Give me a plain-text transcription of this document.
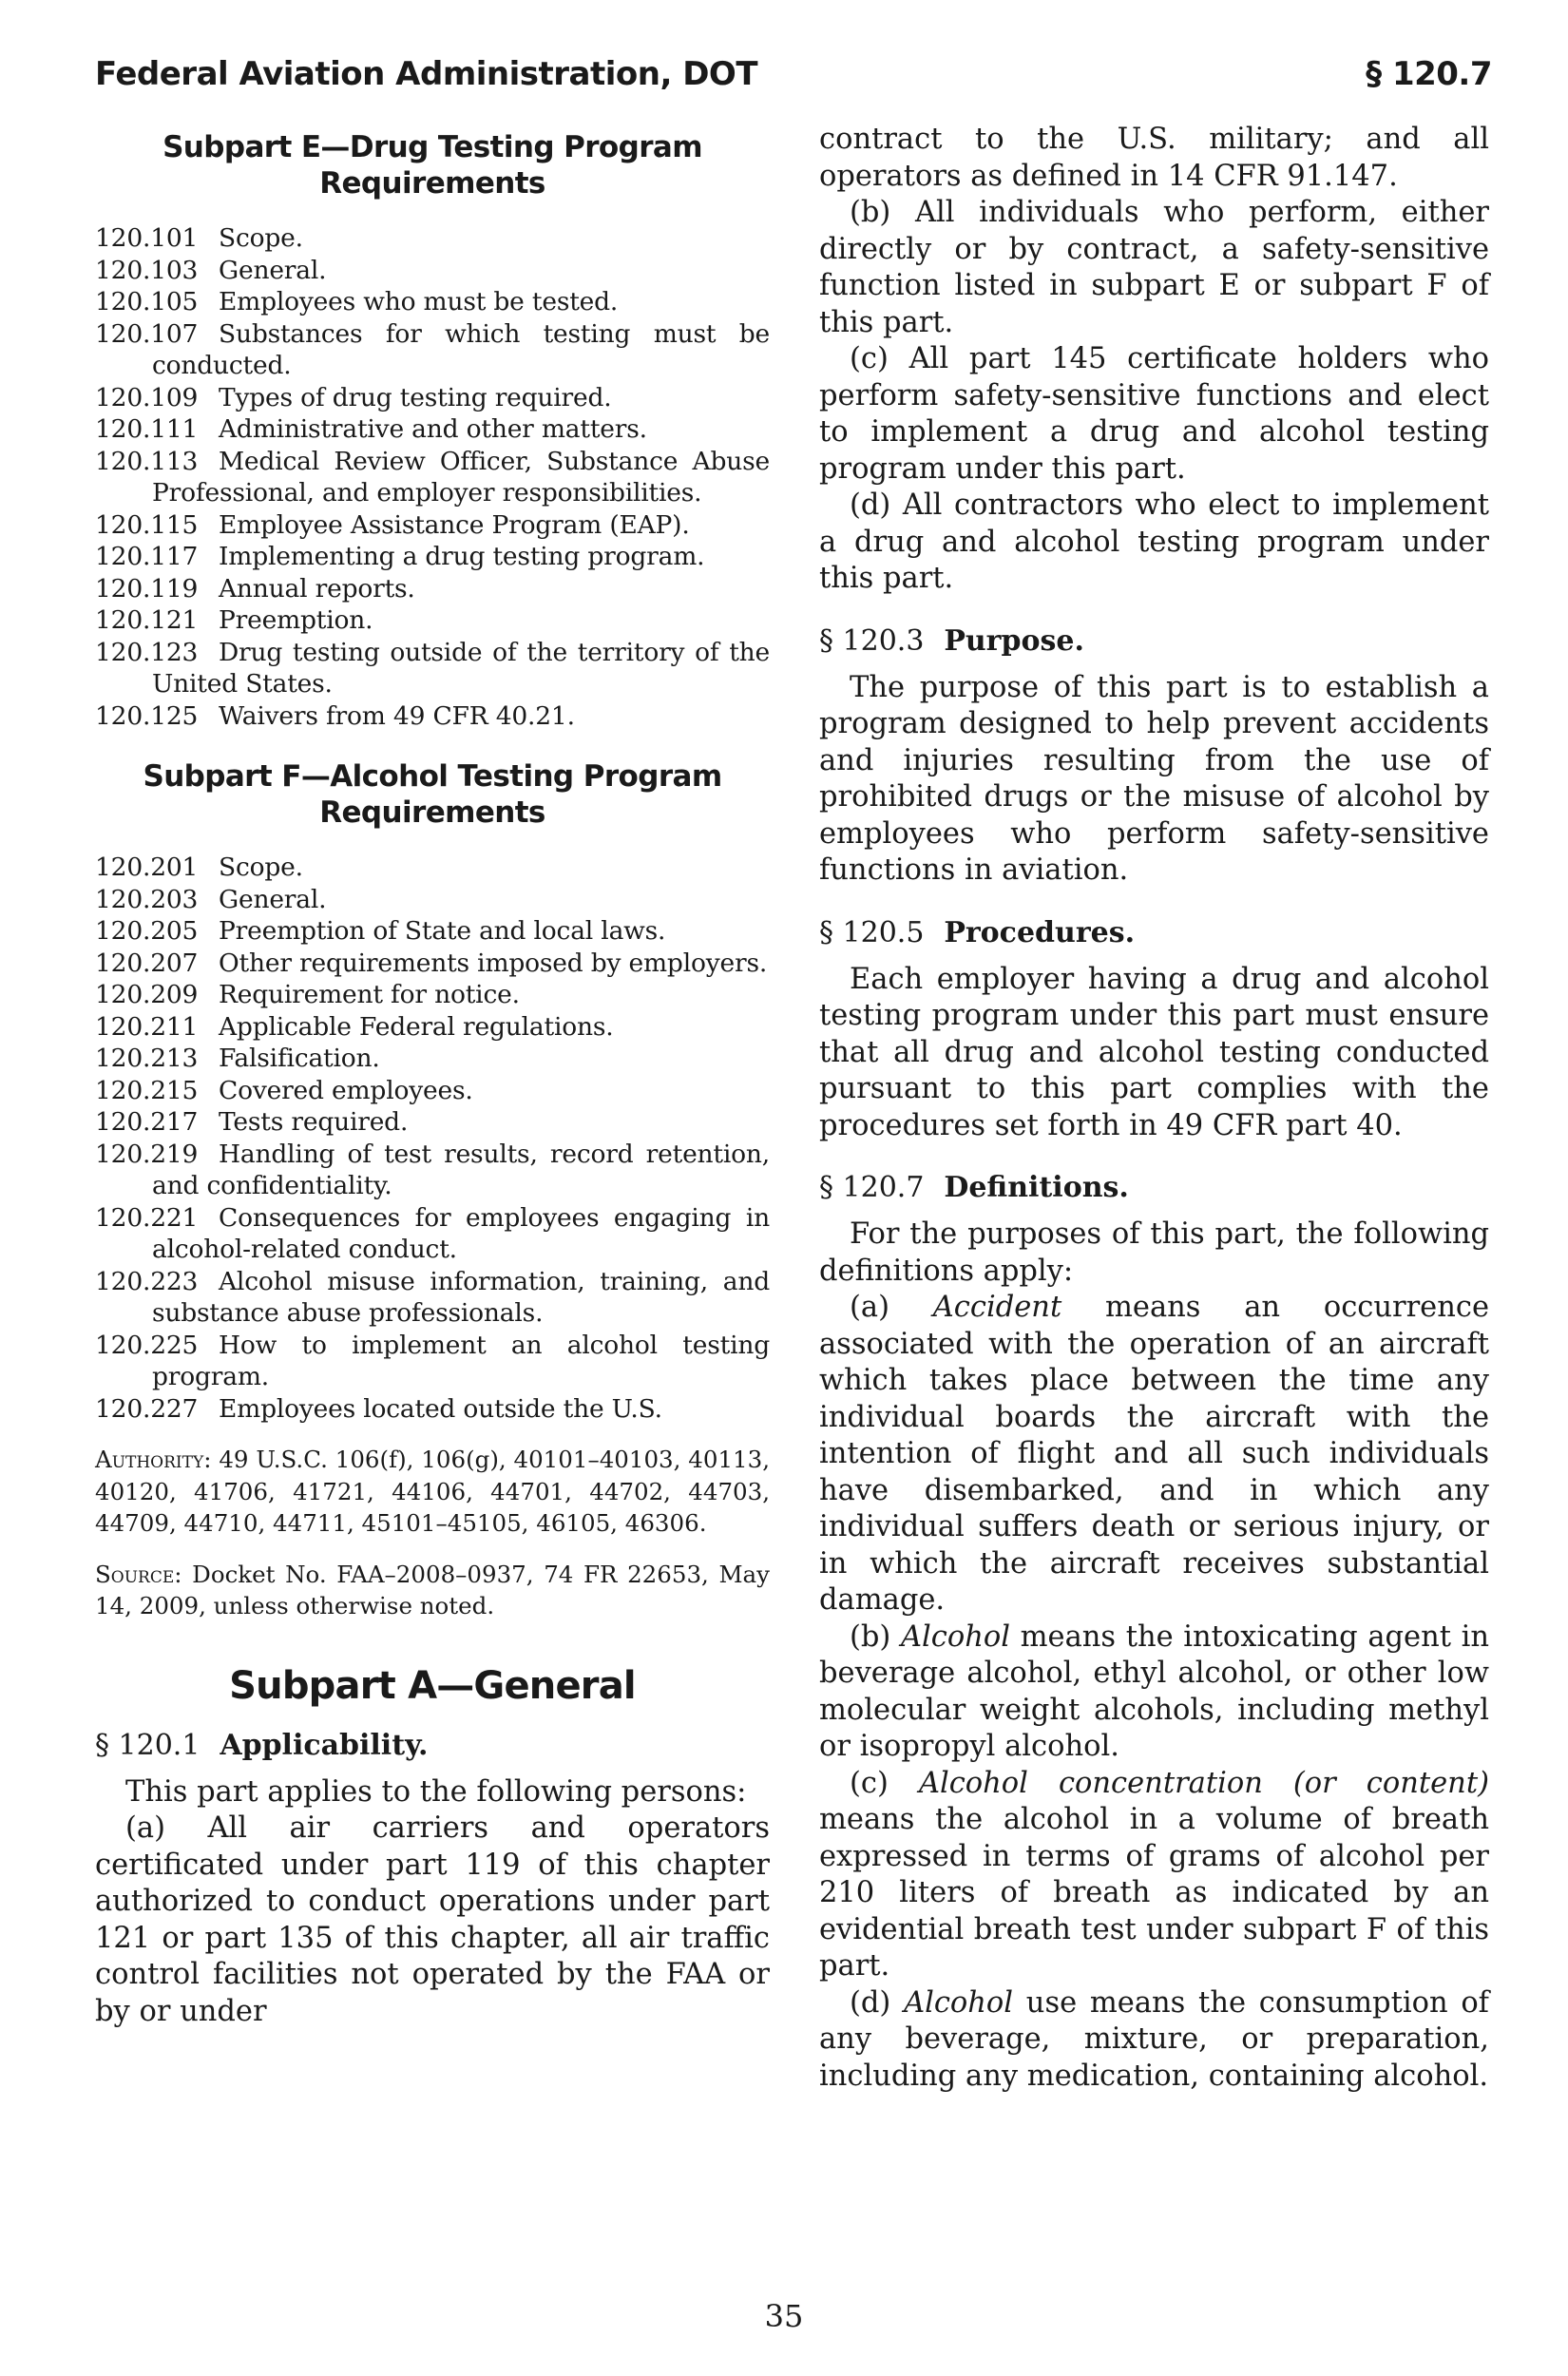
Federal Aviation Administration, DOT	§ 120.7
Subpart E—Drug Testing Program
Requirements
120.101 Scope.
120.103 General.
120.105 Employees who must be tested.
120.107 Substances for which testing must be conducted.
120.109 Types of drug testing required.
120.111 Administrative and other matters.
120.113 Medical Review Officer, Substance Abuse Professional, and employer responsibilities.
120.115 Employee Assistance Program (EAP).
120.117 Implementing a drug testing program.
120.119 Annual reports.
120.121 Preemption.
120.123 Drug testing outside of the territory of the United States.
120.125 Waivers from 49 CFR 40.21.
Subpart F—Alcohol Testing Program
Requirements
120.201 Scope.
120.203 General.
120.205 Preemption of State and local laws.
120.207 Other requirements imposed by employers.
120.209 Requirement for notice.
120.211 Applicable Federal regulations.
120.213 Falsification.
120.215 Covered employees.
120.217 Tests required.
120.219 Handling of test results, record retention, and confidentiality.
120.221 Consequences for employees engaging in alcohol-related conduct.
120.223 Alcohol misuse information, training, and substance abuse professionals.
120.225 How to implement an alcohol testing program.
120.227 Employees located outside the U.S.
Authority: 49 U.S.C. 106(f), 106(g), 40101–40103, 40113, 40120, 41706, 41721, 44106, 44701, 44702, 44703, 44709, 44710, 44711, 45101–45105, 46105, 46306.
Source: Docket No. FAA–2008–0937, 74 FR 22653, May 14, 2009, unless otherwise noted.
Subpart A—General
§ 120.1 Applicability.

This part applies to the following persons:

(a) All air carriers and operators certificated under part 119 of this chapter authorized to conduct operations under part 121 or part 135 of this chapter, all air traffic control facilities not operated by the FAA or by or under

contract to the U.S. military; and all operators as defined in 14 CFR 91.147.

(b) All individuals who perform, either directly or by contract, a safety-sensitive function listed in subpart E or subpart F of this part.

(c) All part 145 certificate holders who perform safety-sensitive functions and elect to implement a drug and alcohol testing program under this part.

(d) All contractors who elect to implement a drug and alcohol testing program under this part.

§ 120.3 Purpose.

The purpose of this part is to establish a program designed to help prevent accidents and injuries resulting from the use of prohibited drugs or the misuse of alcohol by employees who perform safety-sensitive functions in aviation.

§ 120.5 Procedures.

Each employer having a drug and alcohol testing program under this part must ensure that all drug and alcohol testing conducted pursuant to this part complies with the procedures set forth in 49 CFR part 40.

§ 120.7 Definitions.

For the purposes of this part, the following definitions apply:

(a) Accident means an occurrence associated with the operation of an aircraft which takes place between the time any individual boards the aircraft with the intention of flight and all such individuals have disembarked, and in which any individual suffers death or serious injury, or in which the aircraft receives substantial damage.

(b) Alcohol means the intoxicating agent in beverage alcohol, ethyl alcohol, or other low molecular weight alcohols, including methyl or isopropyl alcohol.

(c) Alcohol concentration (or content) means the alcohol in a volume of breath expressed in terms of grams of alcohol per 210 liters of breath as indicated by an evidential breath test under subpart F of this part.

(d) Alcohol use means the consumption of any beverage, mixture, or preparation, including any medication, containing alcohol.

35
